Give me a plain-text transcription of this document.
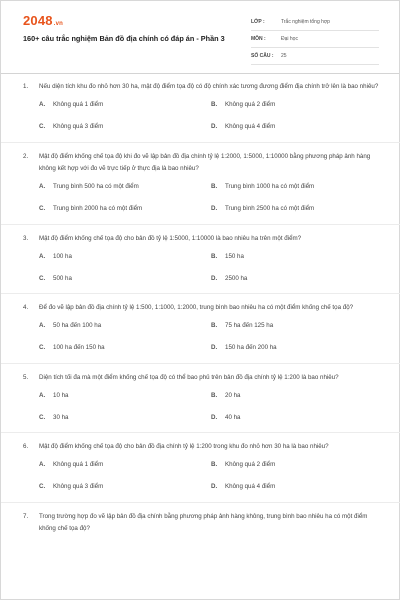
2048.vn
160+ câu trắc nghiệm Bản đồ địa chính có đáp án - Phần 3
LỚP :	Trắc nghiệm tổng hợp
MÔN :	Đại học
SỐ CÂU :	25
1.	Nếu diện tích khu đo nhỏ hơn 30 ha, mật độ điểm tọa độ có độ chính xác tương đương điểm địa chính trở lên là bao nhiêu?
A.	Không quá 1 điểm	B.	Không quá 2 điểm
C.	Không quá 3 điểm	D.	Không quá 4 điểm
2.	Mật độ điểm khống chế tọa độ khi đo vẽ lập bản đồ địa chính tỷ lệ 1:2000, 1:5000, 1:10000 bằng phương pháp ảnh hàng không kết hợp với đo vẽ trực tiếp ở thực địa là bao nhiêu?
A.	Trung bình 500 ha có một điểm	B.	Trung bình 1000 ha có một điểm
C.	Trung bình 2000 ha có một điểm	D.	Trung bình 2500 ha có một điểm
3.	Mật độ điểm khống chế tọa độ cho bản đồ tỷ lệ 1:5000, 1:10000 là bao nhiêu ha trên một điểm?
A.	100 ha	B.	150 ha
C.	500 ha	D.	2500 ha
4.	Để đo vẽ lập bản đồ địa chính tỷ lệ 1:500, 1:1000, 1:2000, trung bình bao nhiêu ha có một điểm khống chế tọa độ?
A.	50 ha đến 100 ha	B.	75 ha đến 125 ha
C.	100 ha đến 150 ha	D.	150 ha đến 200 ha
5.	Diện tích tối đa mà một điểm khống chế tọa độ có thể bao phủ trên bản đồ địa chính tỷ lệ 1:200 là bao nhiêu?
A.	10 ha	B.	20 ha
C.	30 ha	D.	40 ha
6.	Mật độ điểm khống chế tọa độ cho bản đồ địa chính tỷ lệ 1:200 trong khu đo nhỏ hơn 30 ha là bao nhiêu?
A.	Không quá 1 điểm	B.	Không quá 2 điểm
C.	Không quá 3 điểm	D.	Không quá 4 điểm
7.	Trong trường hợp đo vẽ lập bản đồ địa chính bằng phương pháp ảnh hàng không, trung bình bao nhiêu ha có một điểm khống chế tọa độ?
